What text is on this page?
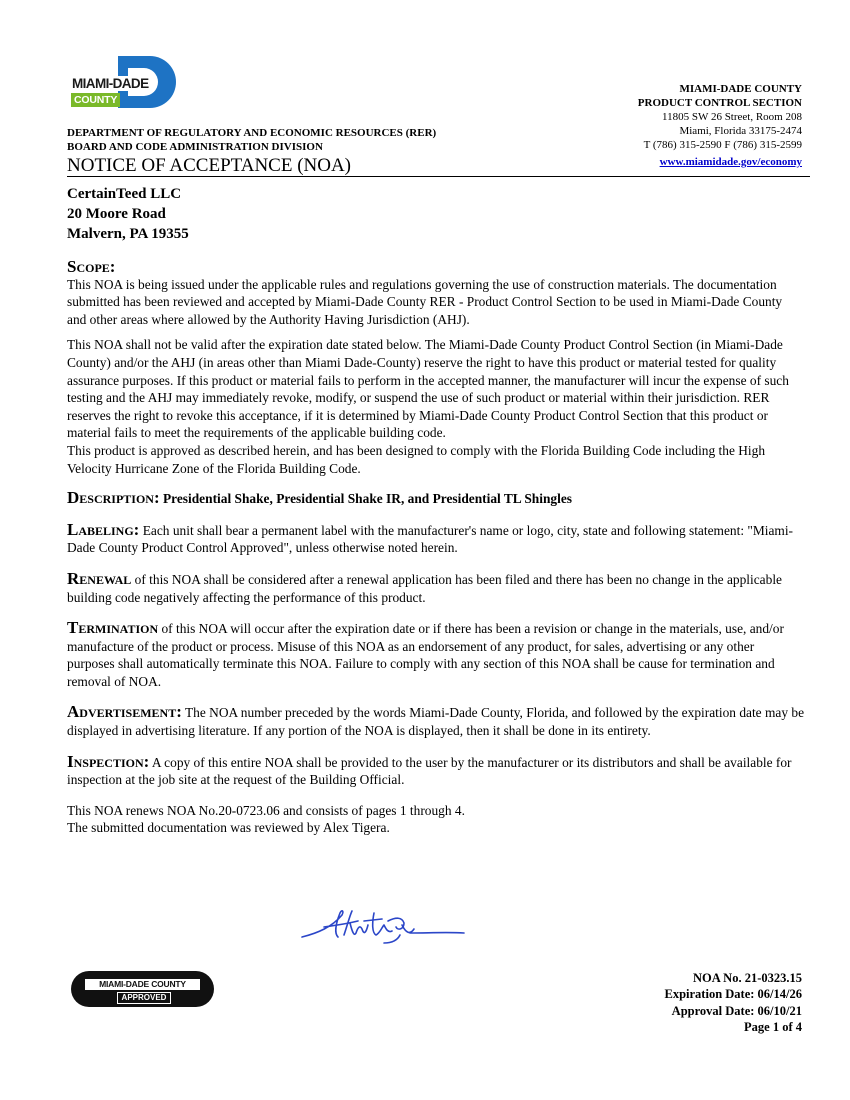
MIAMI-DADE
COUNTY
DEPARTMENT OF REGULATORY AND ECONOMIC RESOURCES (RER)
BOARD AND CODE ADMINISTRATION DIVISION
NOTICE OF ACCEPTANCE (NOA)
MIAMI-DADE COUNTY
PRODUCT CONTROL SECTION
11805 SW 26 Street, Room 208
Miami, Florida 33175-2474
T (786) 315-2590 F (786) 315-2599
www.miamidade.gov/economy
CertainTeed LLC
20 Moore Road
Malvern, PA 19355

Scope:

This NOA is being issued under the applicable rules and regulations governing the use of construction materials. The documentation submitted has been reviewed and accepted by Miami-Dade County RER - Product Control Section to be used in Miami-Dade County and other areas where allowed by the Authority Having Jurisdiction (AHJ).

This NOA shall not be valid after the expiration date stated below. The Miami-Dade County Product Control Section (in Miami-Dade County) and/or the AHJ (in areas other than Miami Dade-County) reserve the right to have this product or material tested for quality assurance purposes. If this product or material fails to perform in the accepted manner, the manufacturer will incur the expense of such testing and the AHJ may immediately revoke, modify, or suspend the use of such product or material within their jurisdiction. RER reserves the right to revoke this acceptance, if it is determined by Miami-Dade County Product Control Section that this product or material fails to meet the requirements of the applicable building code.

This product is approved as described herein, and has been designed to comply with the Florida Building Code including the High Velocity Hurricane Zone of the Florida Building Code.

Description: Presidential Shake, Presidential Shake IR, and Presidential TL Shingles

Labeling: Each unit shall bear a permanent label with the manufacturer's name or logo, city, state and following statement: "Miami-Dade County Product Control Approved", unless otherwise noted herein.

Renewal of this NOA shall be considered after a renewal application has been filed and there has been no change in the applicable building code negatively affecting the performance of this product.

Termination of this NOA will occur after the expiration date or if there has been a revision or change in the materials, use, and/or manufacture of the product or process. Misuse of this NOA as an endorsement of any product, for sales, advertising or any other purposes shall automatically terminate this NOA. Failure to comply with any section of this NOA shall be cause for termination and removal of NOA.

Advertisement: The NOA number preceded by the words Miami-Dade County, Florida, and followed by the expiration date may be displayed in advertising literature. If any portion of the NOA is displayed, then it shall be done in its entirety.

Inspection: A copy of this entire NOA shall be provided to the user by the manufacturer or its distributors and shall be available for inspection at the job site at the request of the Building Official.

This NOA renews NOA No.20-0723.06 and consists of pages 1 through 4.

The submitted documentation was reviewed by Alex Tigera.

MIAMI-DADE COUNTY
APPROVED
NOA No. 21-0323.15
Expiration Date: 06/14/26
Approval Date: 06/10/21
Page 1 of 4
